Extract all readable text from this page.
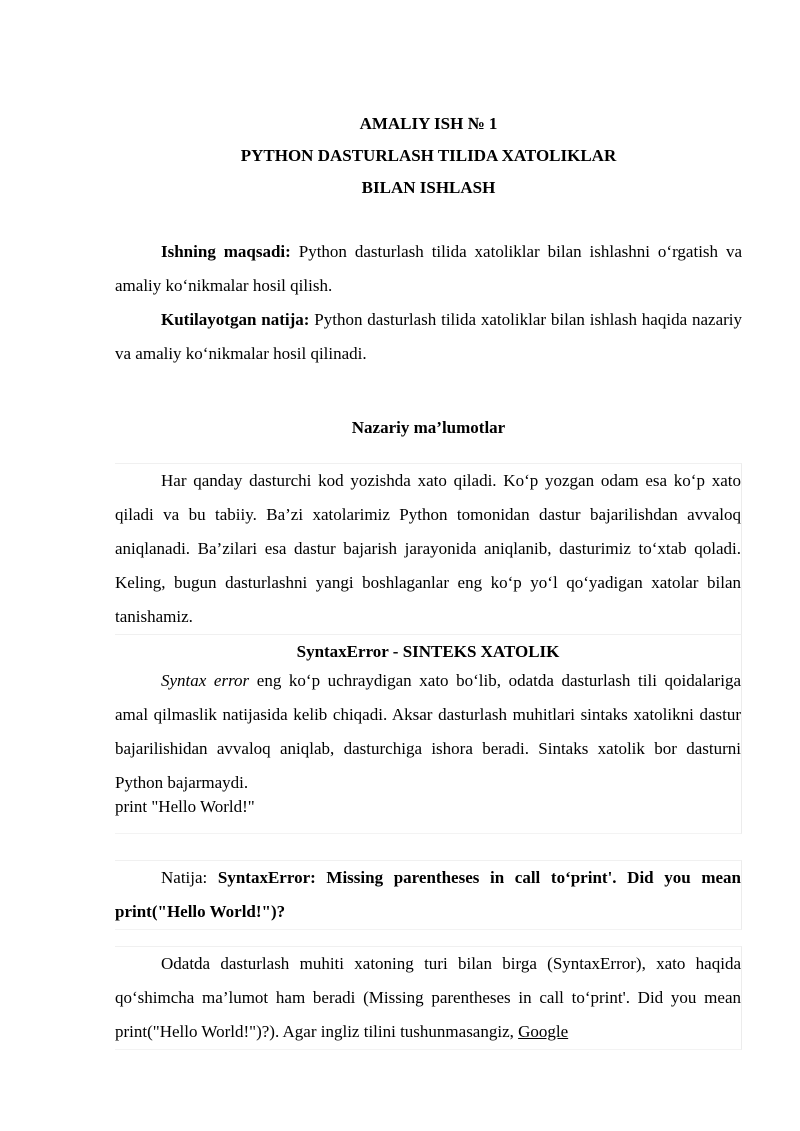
AMALIY ISH № 1
PYTHON DASTURLASH TILIDA XATOLIKLAR
BILAN ISHLASH

Ishning maqsadi: Python dasturlash tilida xatoliklar bilan ishlashni o‘rgatish va amaliy ko‘nikmalar hosil qilish.

Kutilayotgan natija: Python dasturlash tilida xatoliklar bilan ishlash haqida nazariy va amaliy ko‘nikmalar hosil qilinadi.

Nazariy ma’lumotlar

Har qanday dasturchi kod yozishda xato qiladi. Ko‘p yozgan odam esa ko‘p xato qiladi va bu tabiiy. Ba’zi xatolarimiz Python tomonidan dastur bajarilishdan avvaloq aniqlanadi. Ba’zilari esa dastur bajarish jarayonida aniqlanib, dasturimiz to‘xtab qoladi. Keling, bugun dasturlashni yangi boshlaganlar eng ko‘p yo‘l qo‘yadigan xatolar bilan tanishamiz.

SyntaxError - SINTEKS XATOLIK

Syntax error eng ko‘p uchraydigan xato bo‘lib, odatda dasturlash tili qoidalariga amal qilmaslik natijasida kelib chiqadi. Aksar dasturlash muhitlari sintaks xatolikni dastur bajarilishidan avvaloq aniqlab, dasturchiga ishora beradi. Sintaks xatolik bor dasturni Python bajarmaydi.

print "Hello World!"

Natija: SyntaxError: Missing parentheses in call to‘print'. Did you mean print("Hello World!")?

Odatda dasturlash muhiti xatoning turi bilan birga (SyntaxError), xato haqida qo‘shimcha ma’lumot ham beradi (Missing parentheses in call to‘print'. Did you mean print("Hello World!")?). Agar ingliz tilini tushunmasangiz, Google
